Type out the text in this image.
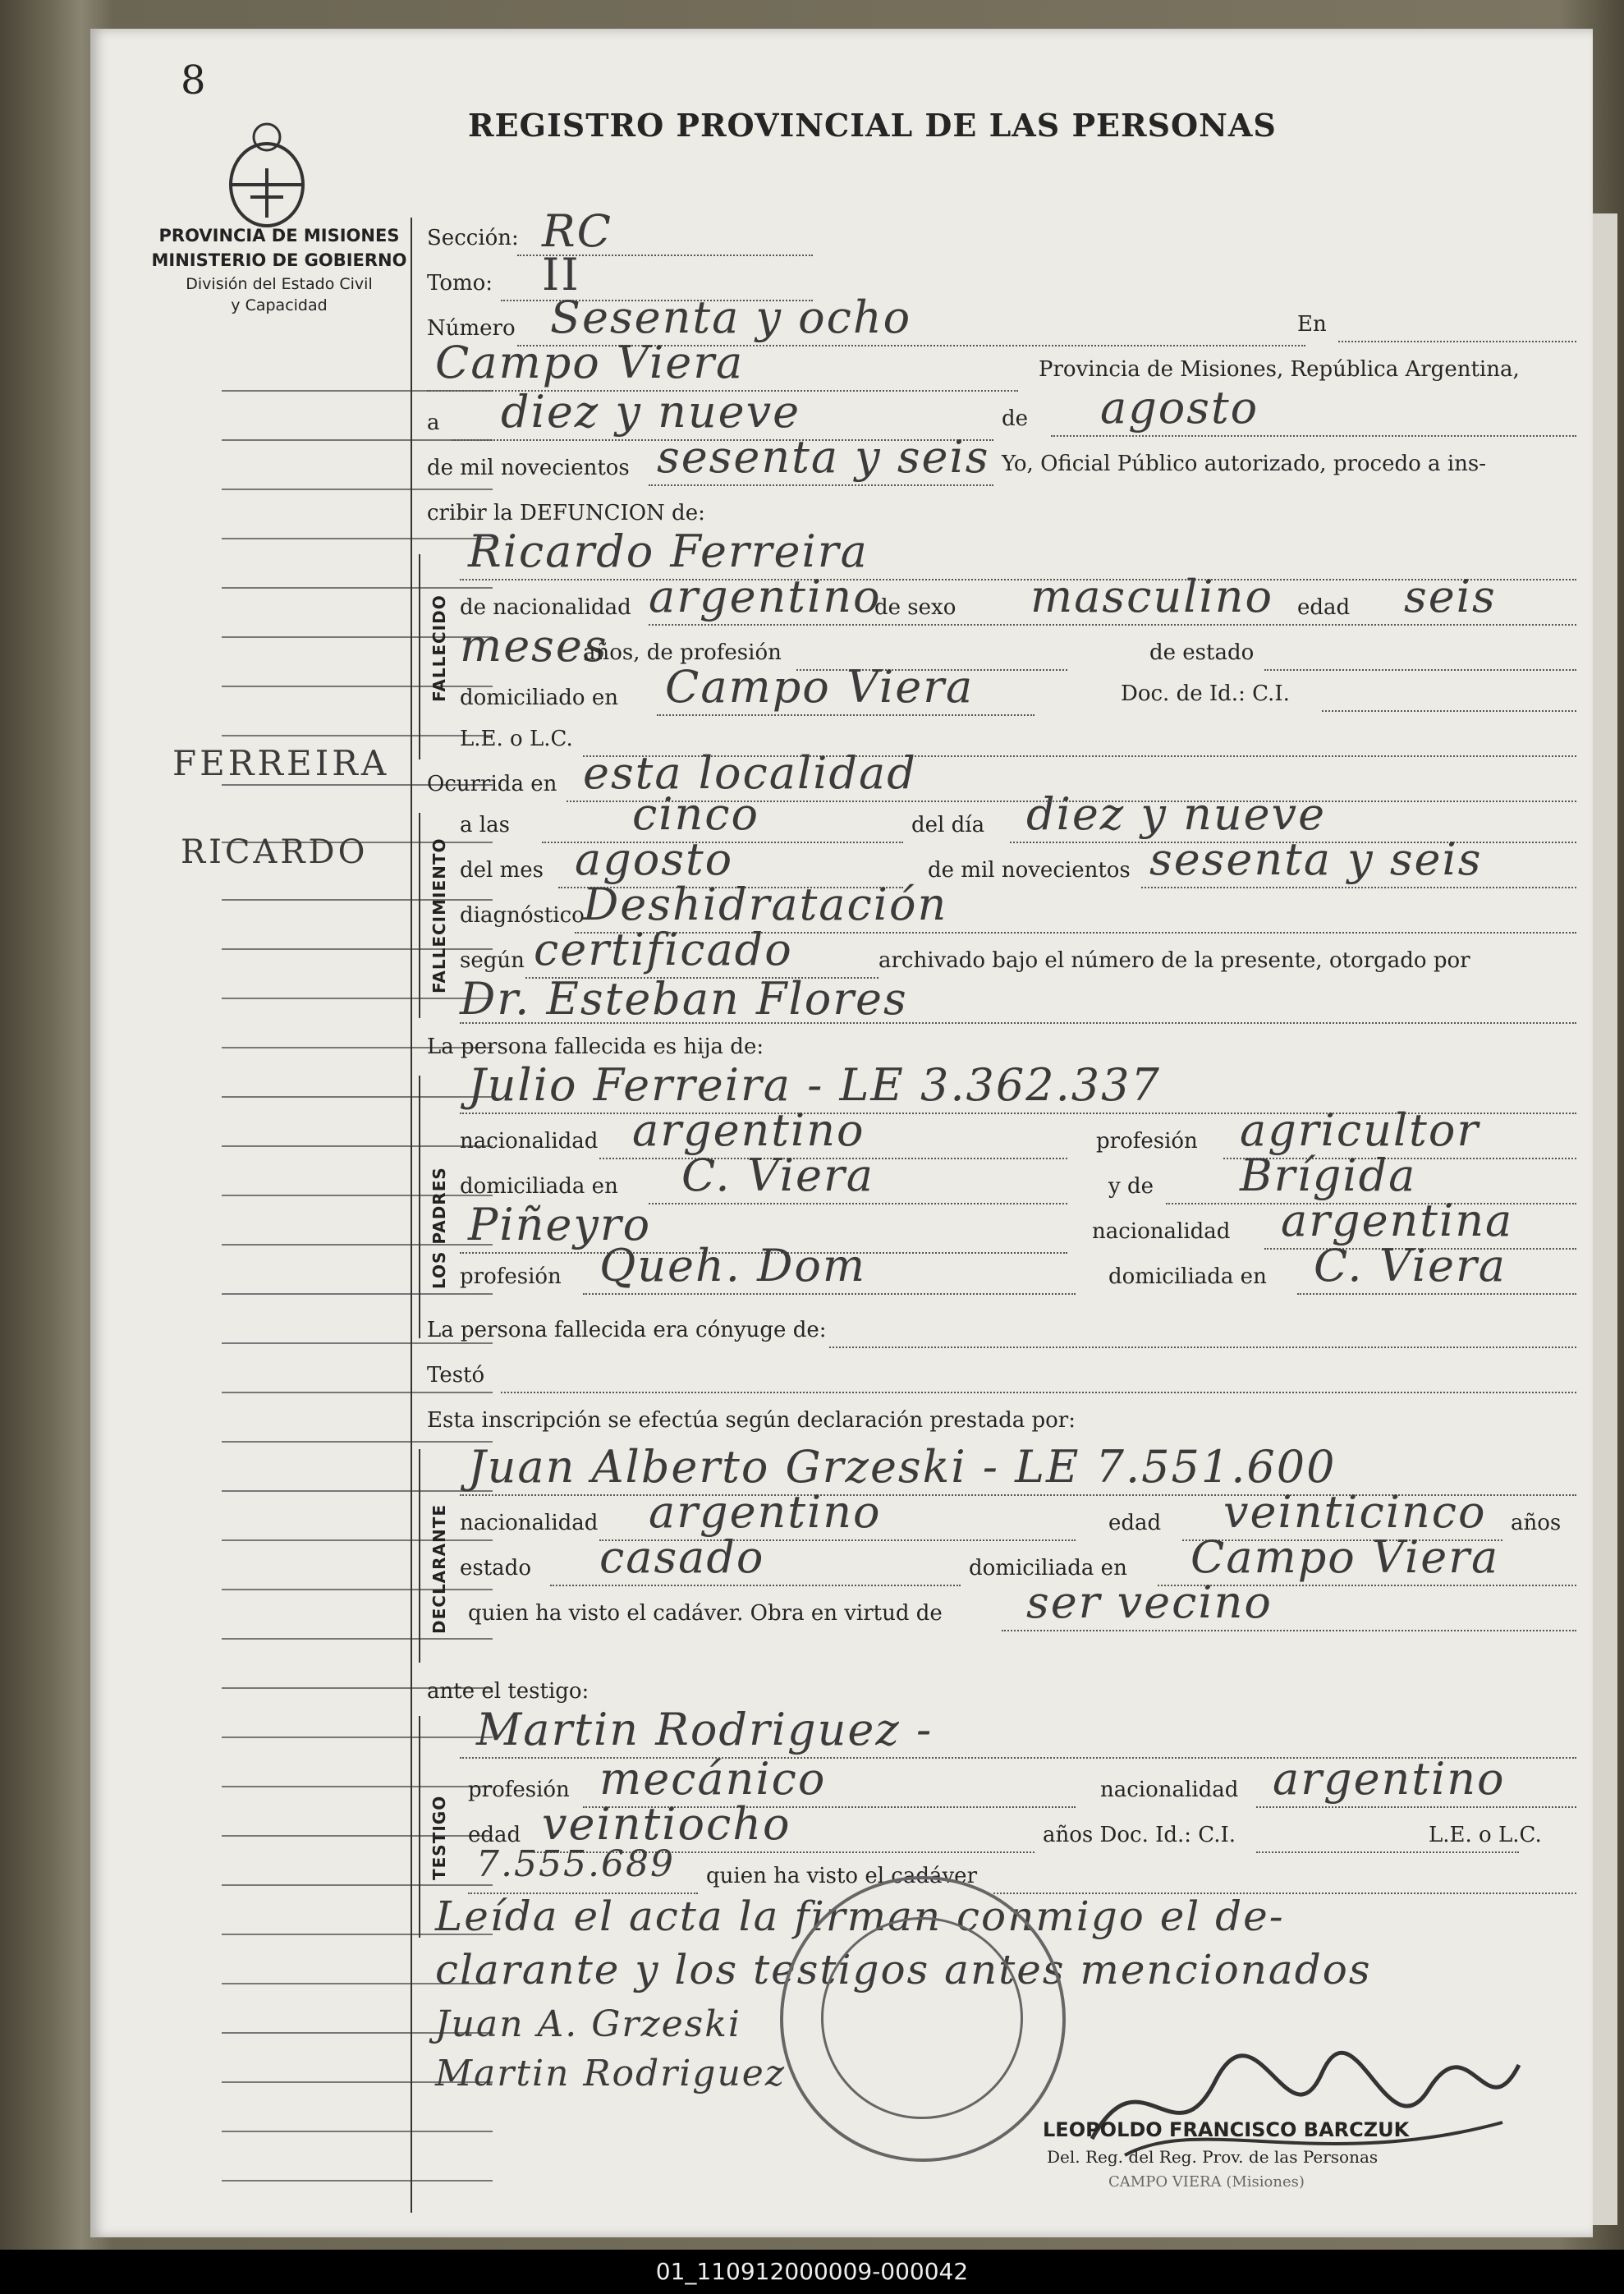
8
REGISTRO PROVINCIAL DE LAS PERSONAS
PROVINCIA DE MISIONES
MINISTERIO DE GOBIERNO
División del Estado Civil
y Capacidad
FERREIRA
RICARDO
Sección: RC
Tomo: II
Número Sesenta y ocho	En
Campo Viera	Provincia de Misiones, República Argentina,
a diez y nueve	de agosto
de mil novecientos sesenta y seis Yo, Oficial Público autorizado, procedo a ins-
cribir la DEFUNCION de:
FALLECIDO
Ricardo Ferreira
de nacionalidad argentino
de sexo masculino edad seis
meses
años, de profesión	de estado
domiciliado en Campo Viera	Doc. de Id.: C.I.
L.E. o L.C.
Ocurrida en esta localidad
FALLECIMIENTO
a las	cinco	del día diez y nueve
del mes agosto	de mil novecientos sesenta y seis
diagnóstico
Deshidratación
según certificado	archivado bajo el número de la presente, otorgado por
Dr. Esteban Flores
La persona fallecida es hija de:
LOS PADRES
Julio Ferreira - LE 3.362.337
nacionalidad argentino	profesión agricultor
domiciliada en C. Viera	y de Brígida
Piñeyro	nacionalidad argentina
profesión Queh. Dom	domiciliada en C. Viera
La persona fallecida era cónyuge de:
Testó
Esta inscripción se efectúa según declaración prestada por:
DECLARANTE
Juan Alberto Grzeski - LE 7.551.600
nacionalidad argentino	edad veinticinco años
estado casado	domiciliada en Campo Viera
quien ha visto el cadáver. Obra en virtud de ser vecino
ante el testigo:
TESTIGO
Martin Rodriguez -
profesión mecánico	nacionalidad argentino
edad veintiocho	años Doc. Id.: C.I.	L.E. o L.C.
7.555.689 quien ha visto el cadáver
Leída el acta la firman conmigo el de-
clarante y los testigos antes mencionados
Juan A. Grzeski
Martin Rodriguez
LEOPOLDO FRANCISCO BARCZUK
Del. Reg. del Reg. Prov. de las Personas
CAMPO VIERA (Misiones)
01_110912000009-000042
